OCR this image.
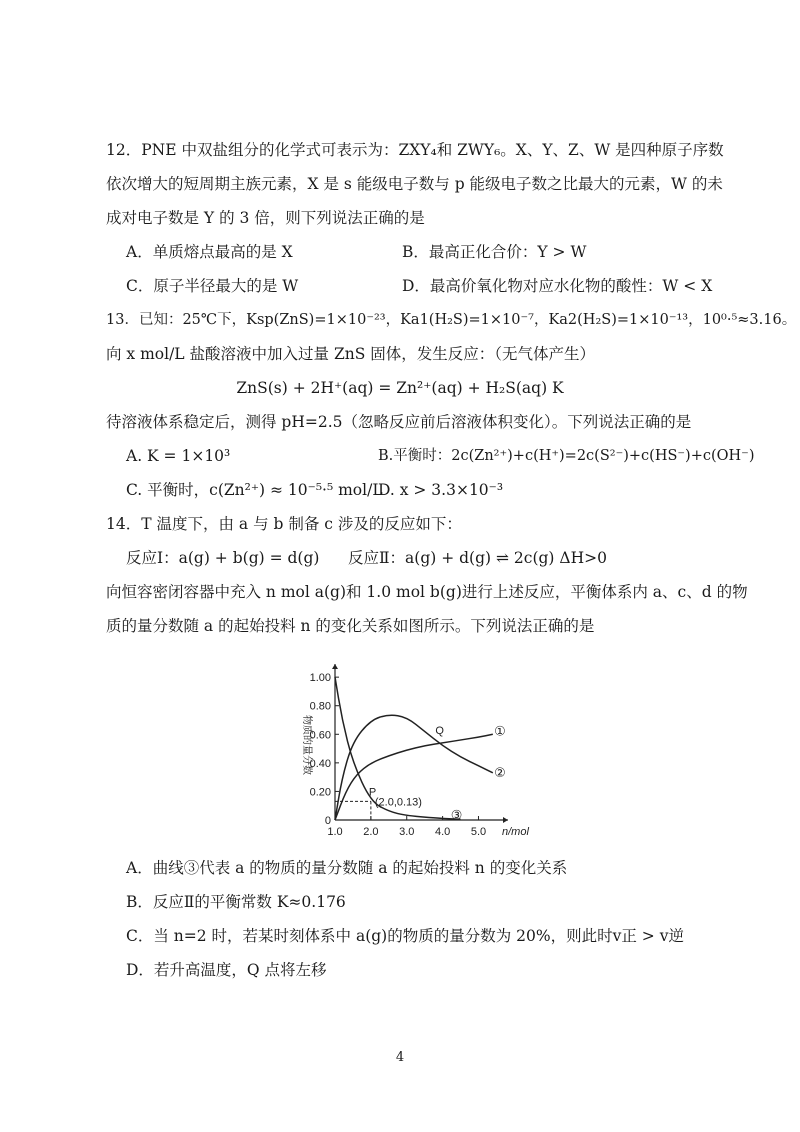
12．PNE 中双盐组分的化学式可表示为：ZXY₄和 ZWY₆。X、Y、Z、W 是四种原子序数
依次增大的短周期主族元素，X 是 s 能级电子数与 p 能级电子数之比最大的元素，W 的未
成对电子数是 Y 的 3 倍，则下列说法正确的是
A．单质熔点最高的是 X	B．最高正化合价：Y > W
C．原子半径最大的是 W	D．最高价氧化物对应水化物的酸性：W < X
13．已知：25℃下，Ksp(ZnS)=1×10⁻²³，Ka1(H₂S)=1×10⁻⁷，Ka2(H₂S)=1×10⁻¹³，10⁰·⁵≈3.16。
向 x mol/L 盐酸溶液中加入过量 ZnS 固体，发生反应：（无气体产生）
ZnS(s) + 2H⁺(aq) = Zn²⁺(aq) + H₂S(aq) K
待溶液体系稳定后，测得 pH=2.5（忽略反应前后溶液体积变化）。下列说法正确的是
A. K = 1×10³	B.平衡时：2c(Zn²⁺)+c(H⁺)=2c(S²⁻)+c(HS⁻)+c(OH⁻)
C. 平衡时，c(Zn²⁺) ≈ 10⁻⁵·⁵ mol/L
D. x > 3.3×10⁻³
14．T 温度下，由 a 与 b 制备 c 涉及的反应如下：
反应Ⅰ：a(g) + b(g) = d(g) 反应Ⅱ：a(g) + d(g) ⇌ 2c(g) ΔH>0
向恒容密闭容器中充入 n mol a(g)和 1.0 mol b(g)进行上述反应，平衡体系内 a、c、d 的物
质的量分数随 a 的起始投料 n 的变化关系如图所示。下列说法正确的是
0
0.20
0.40
0.60
0.80
1.00
1.0 2.0 3.0 4.0 5.0 n/mol
物质的量分数	①
②
③
P
(2.0,0.13)
Q
A．曲线③代表 a 的物质的量分数随 a 的起始投料 n 的变化关系
B．反应Ⅱ的平衡常数 K≈0.176
C．当 n=2 时，若某时刻体系中 a(g)的物质的量分数为 20%，则此时v正 > v逆
D．若升高温度，Q 点将左移
4
